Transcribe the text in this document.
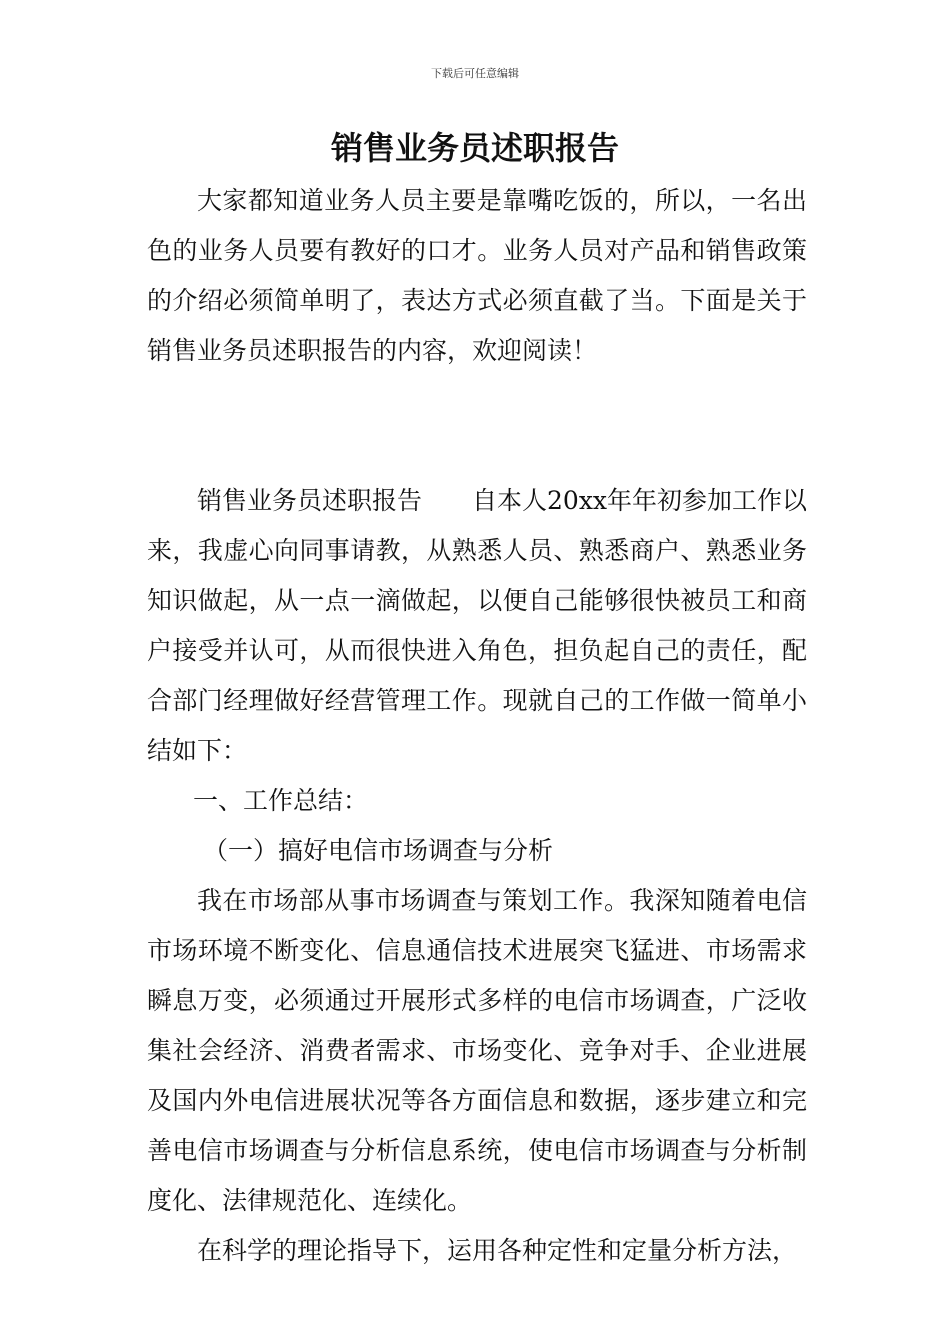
下载后可任意编辑
销售业务员述职报告

大家都知道业务人员主要是靠嘴吃饭的，所以，一名出色的业务人员要有教好的口才。业务人员对产品和销售政策的介绍必须简单明了，表达方式必须直截了当。下面是关于销售业务员述职报告的内容，欢迎阅读！

销售业务员述职报告　　自本人20xx年年初参加工作以来，我虚心向同事请教，从熟悉人员、熟悉商户、熟悉业务知识做起，从一点一滴做起，以便自己能够很快被员工和商户接受并认可，从而很快进入角色，担负起自己的责任，配合部门经理做好经营管理工作。现就自己的工作做一简单小结如下：

一、工作总结：

（一）搞好电信市场调查与分析

我在市场部从事市场调查与策划工作。我深知随着电信市场环境不断变化、信息通信技术进展突飞猛进、市场需求瞬息万变，必须通过开展形式多样的电信市场调查，广泛收集社会经济、消费者需求、市场变化、竞争对手、企业进展及国内外电信进展状况等各方面信息和数据，逐步建立和完善电信市场调查与分析信息系统，使电信市场调查与分析制度化、法律规范化、连续化。

在科学的理论指导下，运用各种定性和定量分析方法，
